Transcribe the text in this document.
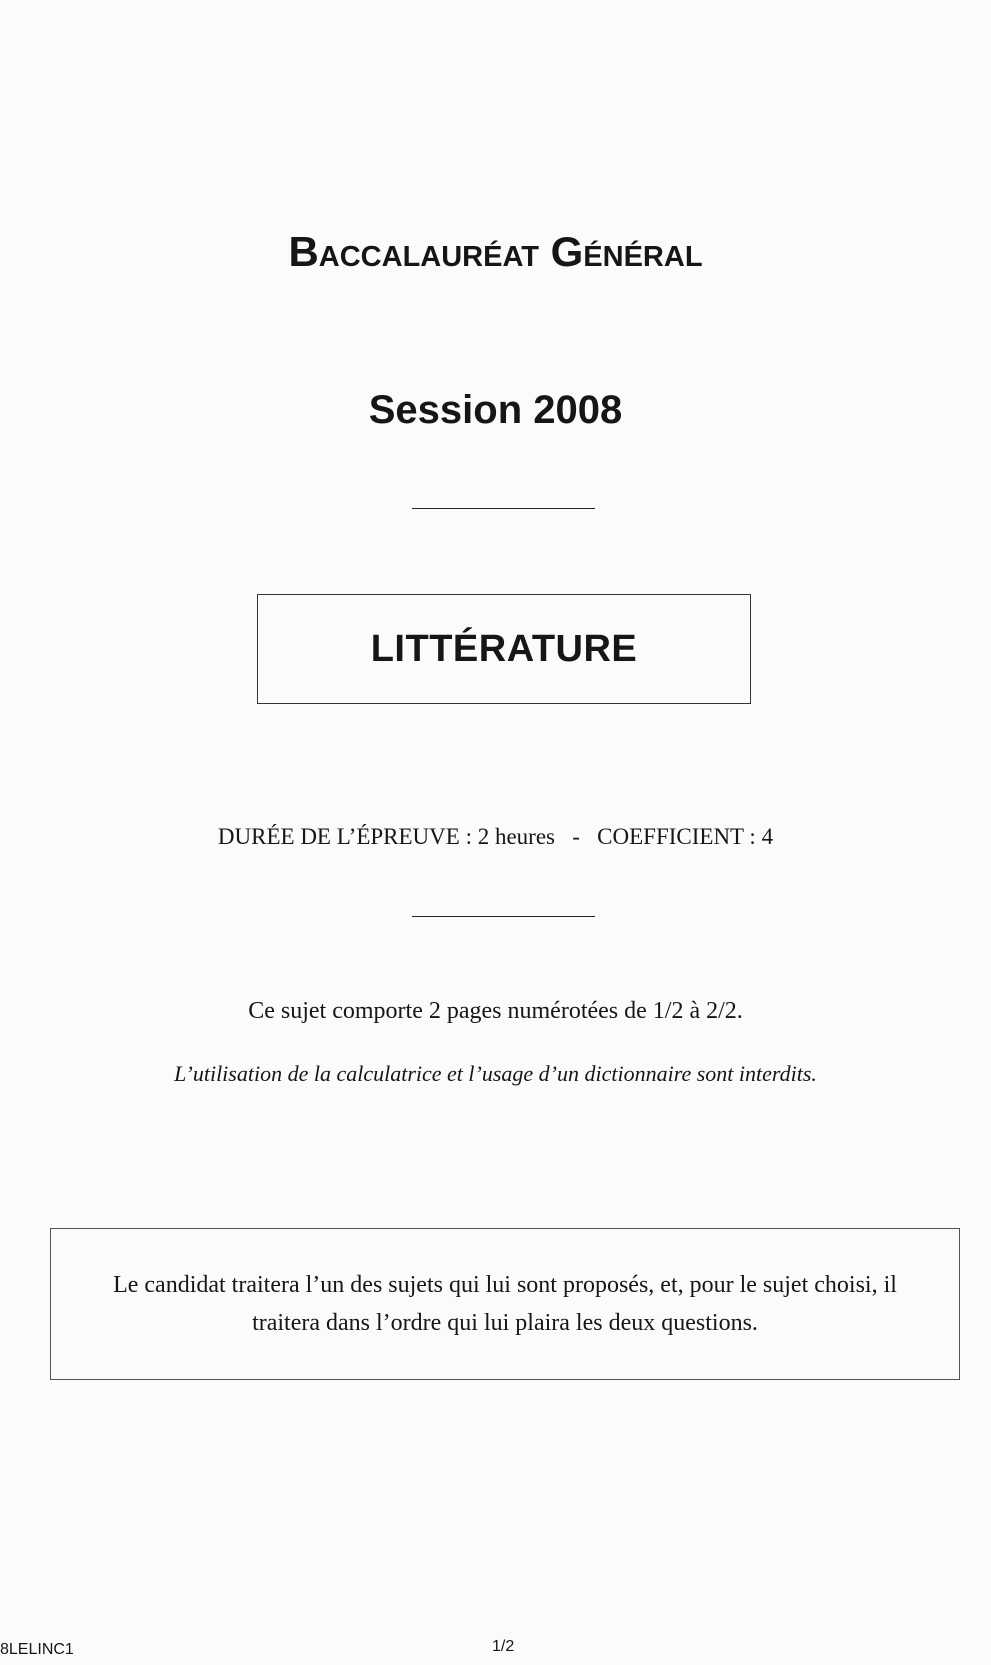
Baccalauréat Général
Session 2008
LITTÉRATURE
DURÉE DE L’ÉPREUVE : 2 heures   -   COEFFICIENT : 4
Ce sujet comporte 2 pages numérotées de 1/2 à 2/2.
L’utilisation de la calculatrice et l’usage d’un dictionnaire sont interdits.
Le candidat traitera l’un des sujets qui lui sont proposés, et, pour le sujet choisi, il traitera dans l’ordre qui lui plaira les deux questions.
8LELINC1	1/2
